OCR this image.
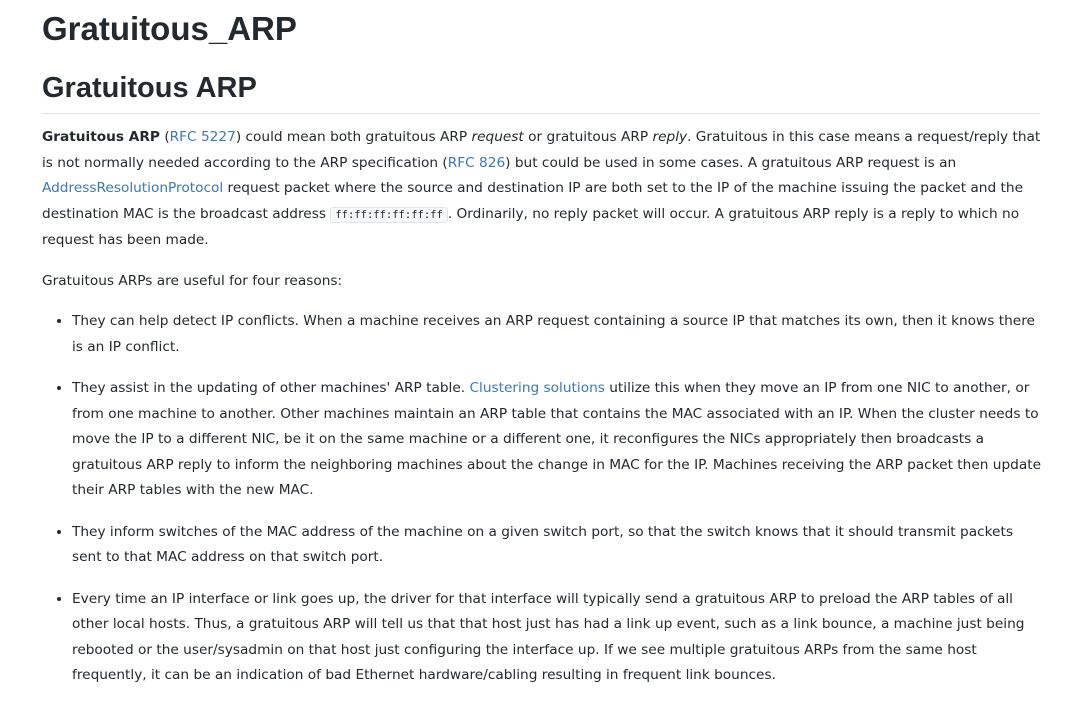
Gratuitous_ARP
Gratuitous ARP

Gratuitous ARP (RFC 5227) could mean both gratuitous ARP request or gratuitous ARP reply. Gratuitous in this case means a request/reply that is not normally needed according to the ARP specification (RFC 826) but could be used in some cases. A gratuitous ARP request is an AddressResolutionProtocol request packet where the source and destination IP are both set to the IP of the machine issuing the packet and the destination MAC is the broadcast address ff:ff:ff:ff:ff:ff . Ordinarily, no reply packet will occur. A gratuitous ARP reply is a reply to which no request has been made.

Gratuitous ARPs are useful for four reasons:

• They can help detect IP conflicts. When a machine receives an ARP request containing a source IP that matches its own, then it knows there is an IP conflict.
• They assist in the updating of other machines' ARP table. Clustering solutions utilize this when they move an IP from one NIC to another, or from one machine to another. Other machines maintain an ARP table that contains the MAC associated with an IP. When the cluster needs to move the IP to a different NIC, be it on the same machine or a different one, it reconfigures the NICs appropriately then broadcasts a gratuitous ARP reply to inform the neighboring machines about the change in MAC for the IP. Machines receiving the ARP packet then update their ARP tables with the new MAC.
• They inform switches of the MAC address of the machine on a given switch port, so that the switch knows that it should transmit packets sent to that MAC address on that switch port.
• Every time an IP interface or link goes up, the driver for that interface will typically send a gratuitous ARP to preload the ARP tables of all other local hosts. Thus, a gratuitous ARP will tell us that that host just has had a link up event, such as a link bounce, a machine just being rebooted or the user/sysadmin on that host just configuring the interface up. If we see multiple gratuitous ARPs from the same host frequently, it can be an indication of bad Ethernet hardware/cabling resulting in frequent link bounces.
